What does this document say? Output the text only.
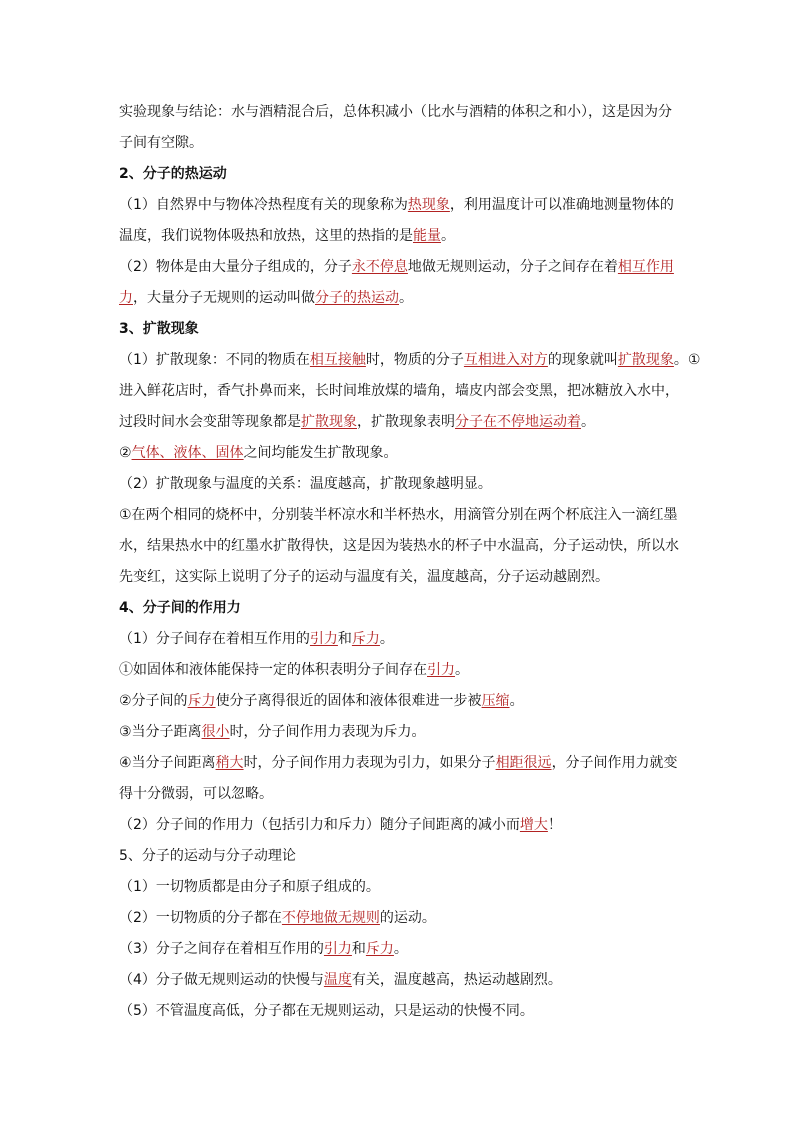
实验现象与结论：水与酒精混合后，总体积减小（比水与酒精的体积之和小），这是因为分
子间有空隙。
2、分子的热运动
（1）自然界中与物体冷热程度有关的现象称为热现象，利用温度计可以准确地测量物体的
温度，我们说物体吸热和放热，这里的热指的是能量。
（2）物体是由大量分子组成的，分子永不停息地做无规则运动，分子之间存在着相互作用
力，大量分子无规则的运动叫做分子的热运动。
3、扩散现象
（1）扩散现象：不同的物质在相互接触时，物质的分子互相进入对方的现象就叫扩散现象。①
进入鲜花店时，香气扑鼻而来，长时间堆放煤的墙角，墙皮内部会变黑，把冰糖放入水中，
过段时间水会变甜等现象都是扩散现象，扩散现象表明分子在不停地运动着。
②气体、液体、固体之间均能发生扩散现象。
（2）扩散现象与温度的关系：温度越高，扩散现象越明显。
①在两个相同的烧杯中，分别装半杯凉水和半杯热水，用滴管分别在两个杯底注入一滴红墨
水，结果热水中的红墨水扩散得快，这是因为装热水的杯子中水温高，分子运动快，所以水
先变红，这实际上说明了分子的运动与温度有关，温度越高，分子运动越剧烈。
4、分子间的作用力
（1）分子间存在着相互作用的引力和斥力。
①如固体和液体能保持一定的体积表明分子间存在引力。
②分子间的斥力使分子离得很近的固体和液体很难进一步被压缩。
③当分子距离很小时，分子间作用力表现为斥力。
④当分子间距离稍大时，分子间作用力表现为引力，如果分子相距很远，分子间作用力就变
得十分微弱，可以忽略。
（2）分子间的作用力（包括引力和斥力）随分子间距离的减小而增大！
5、分子的运动与分子动理论
（1）一切物质都是由分子和原子组成的。
（2）一切物质的分子都在不停地做无规则的运动。
（3）分子之间存在着相互作用的引力和斥力。
（4）分子做无规则运动的快慢与温度有关，温度越高，热运动越剧烈。
（5）不管温度高低，分子都在无规则运动，只是运动的快慢不同。
